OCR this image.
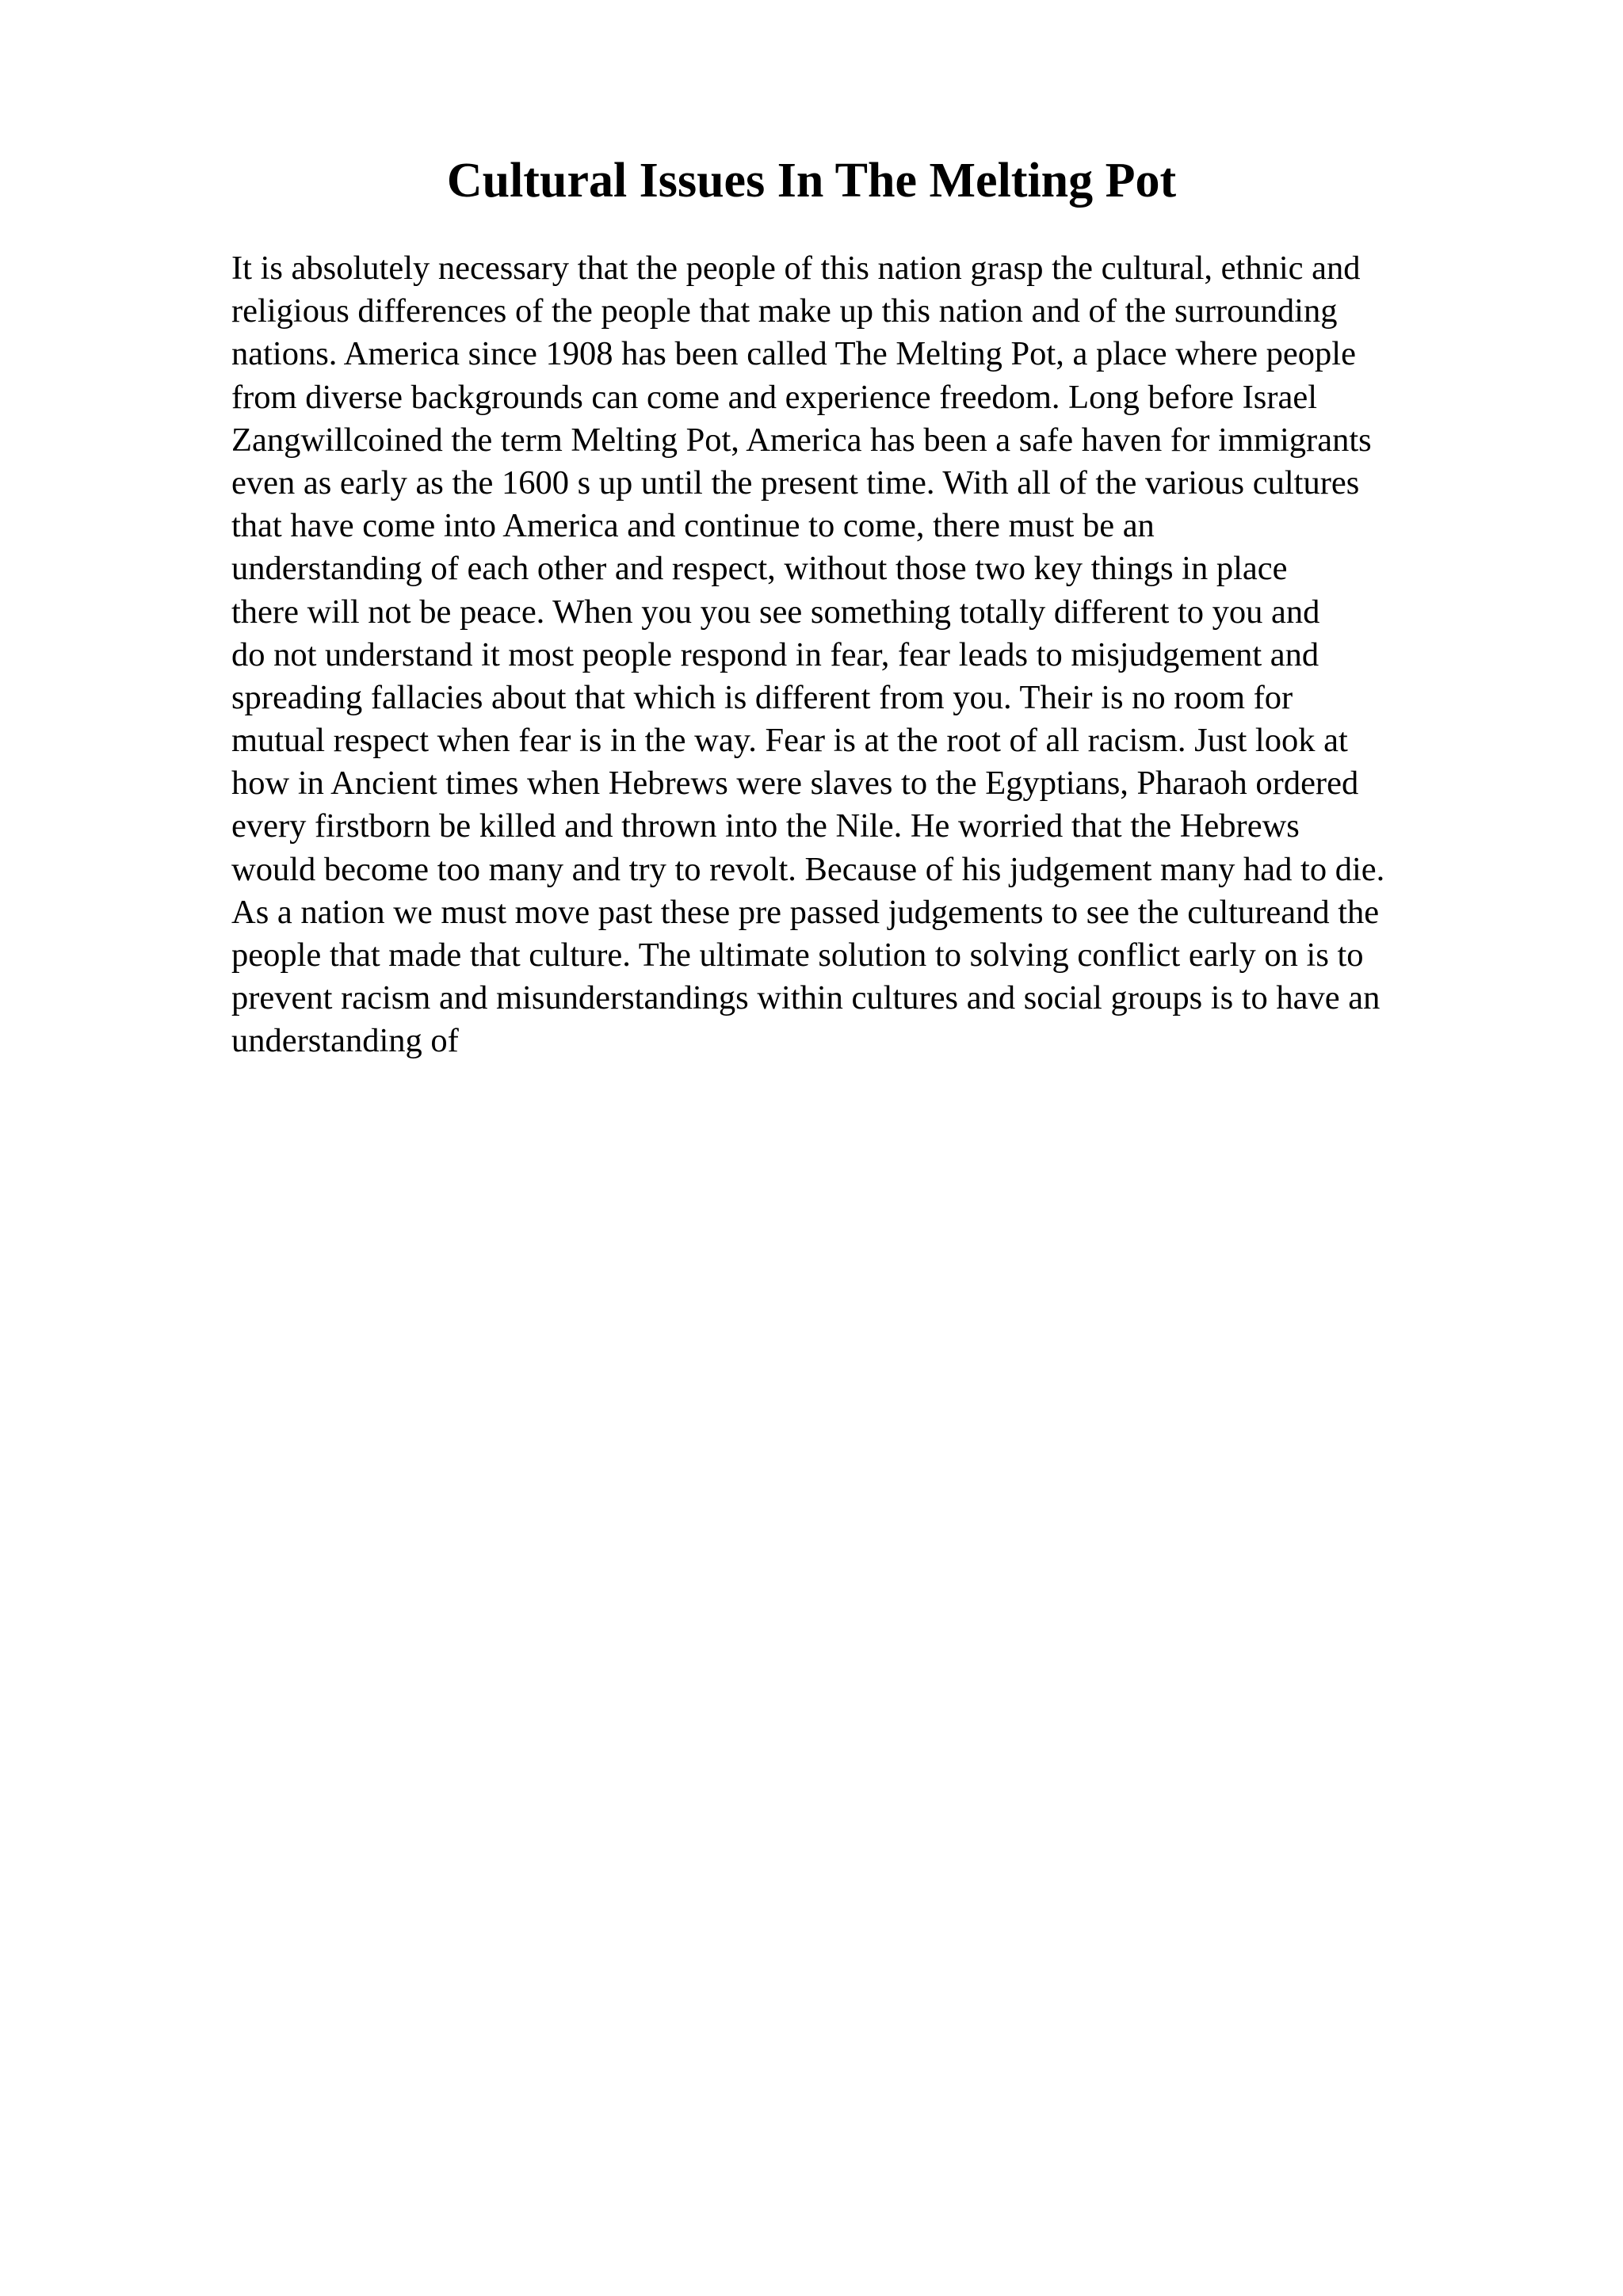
Cultural Issues In The Melting Pot
It is absolutely necessary that the people of this nation grasp the cultural, ethnic and
religious differences of the people that make up this nation and of the surrounding
nations. America since 1908 has been called The Melting Pot, a place where people
from diverse backgrounds can come and experience freedom. Long before Israel
Zangwillcoined the term Melting Pot, America has been a safe haven for immigrants
even as early as the 1600 s up until the present time. With all of the various cultures
that have come into America and continue to come, there must be an
understanding of each other and respect, without those two key things in place
there will not be peace. When you you see something totally different to you and
do not understand it most people respond in fear, fear leads to misjudgement and
spreading fallacies about that which is different from you. Their is no room for
mutual respect when fear is in the way. Fear is at the root of all racism. Just look at
how in Ancient times when Hebrews were slaves to the Egyptians, Pharaoh ordered
every firstborn be killed and thrown into the Nile. He worried that the Hebrews
would become too many and try to revolt. Because of his judgement many had to die.
As a nation we must move past these pre passed judgements to see the cultureand the
people that made that culture. The ultimate solution to solving conflict early on is to
prevent racism and misunderstandings within cultures and social groups is to have an
understanding of
